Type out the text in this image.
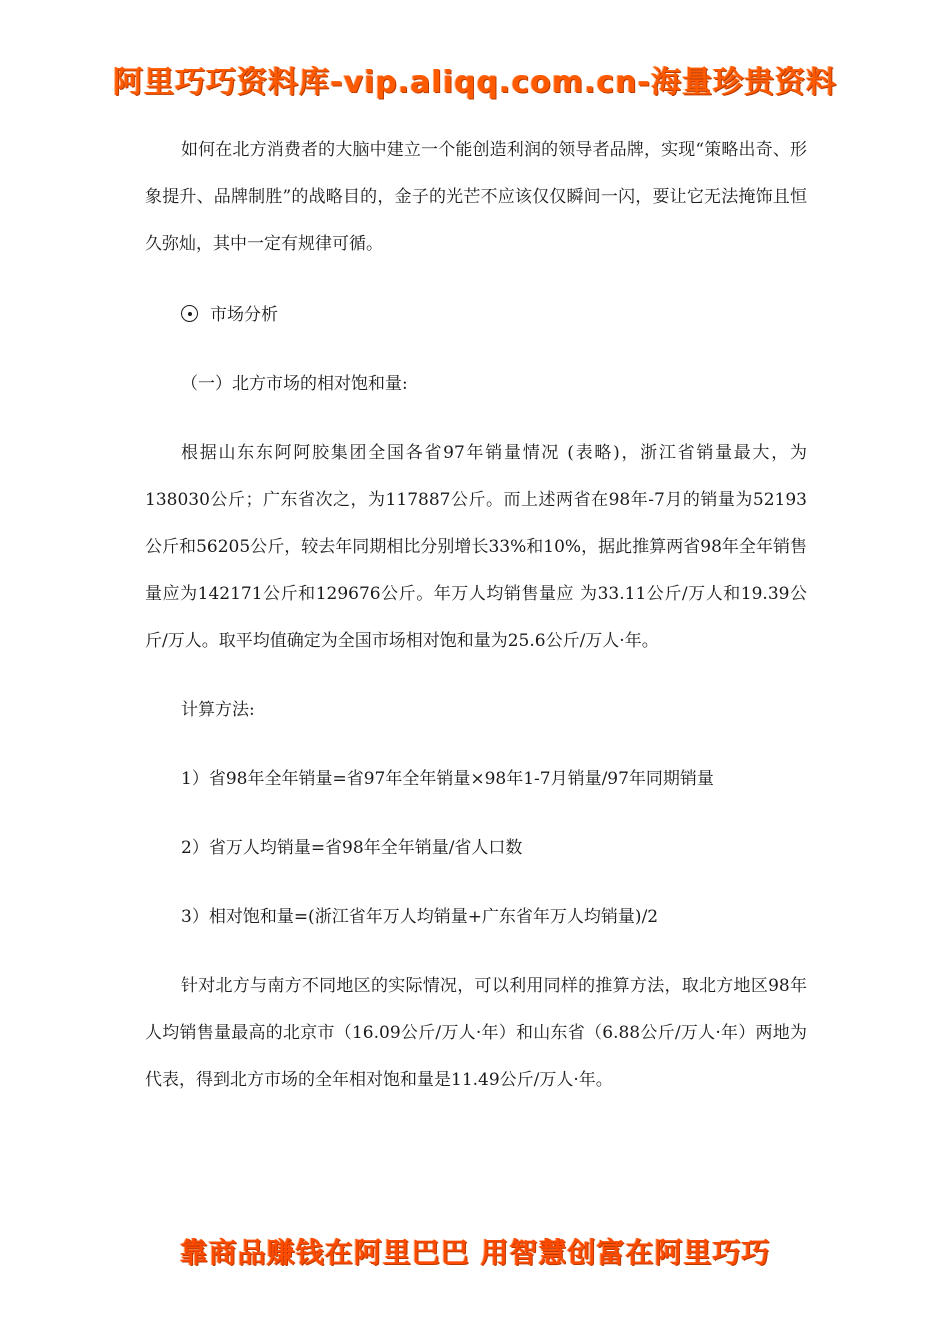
阿里巧巧资料库-vip.aliqq.com.cn-海量珍贵资料

如何在北方消费者的大脑中建立一个能创造利润的领导者品牌，实现“策略出奇、形象提升、品牌制胜”的战略目的，金子的光芒不应该仅仅瞬间一闪，要让它无法掩饰且恒久弥灿，其中一定有规律可循。

市场分析

（一）北方市场的相对饱和量:

根据山东东阿阿胶集团全国各省97年销量情况 (表略)，浙江省销量最大，为138030公斤；广东省次之，为117887公斤。而上述两省在98年-7月的销量为52193 公斤和56205公斤，较去年同期相比分别增长33%和10%，据此推算两省98年全年销售量应为142171公斤和129676公斤。年万人均销售量应 为33.11公斤/万人和19.39公斤/万人。取平均值确定为全国市场相对饱和量为25.6公斤/万人·年。

计算方法:

1）省98年全年销量=省97年全年销量×98年1-7月销量/97年同期销量

2）省万人均销量=省98年全年销量/省人口数

3）相对饱和量=(浙江省年万人均销量+广东省年万人均销量)/2

针对北方与南方不同地区的实际情况，可以利用同样的推算方法，取北方地区98年人均销售量最高的北京市（16.09公斤/万人·年）和山东省（6.88公斤/万人·年）两地为代表，得到北方市场的全年相对饱和量是11.49公斤/万人·年。

靠商品赚钱在阿里巴巴 用智慧创富在阿里巧巧
